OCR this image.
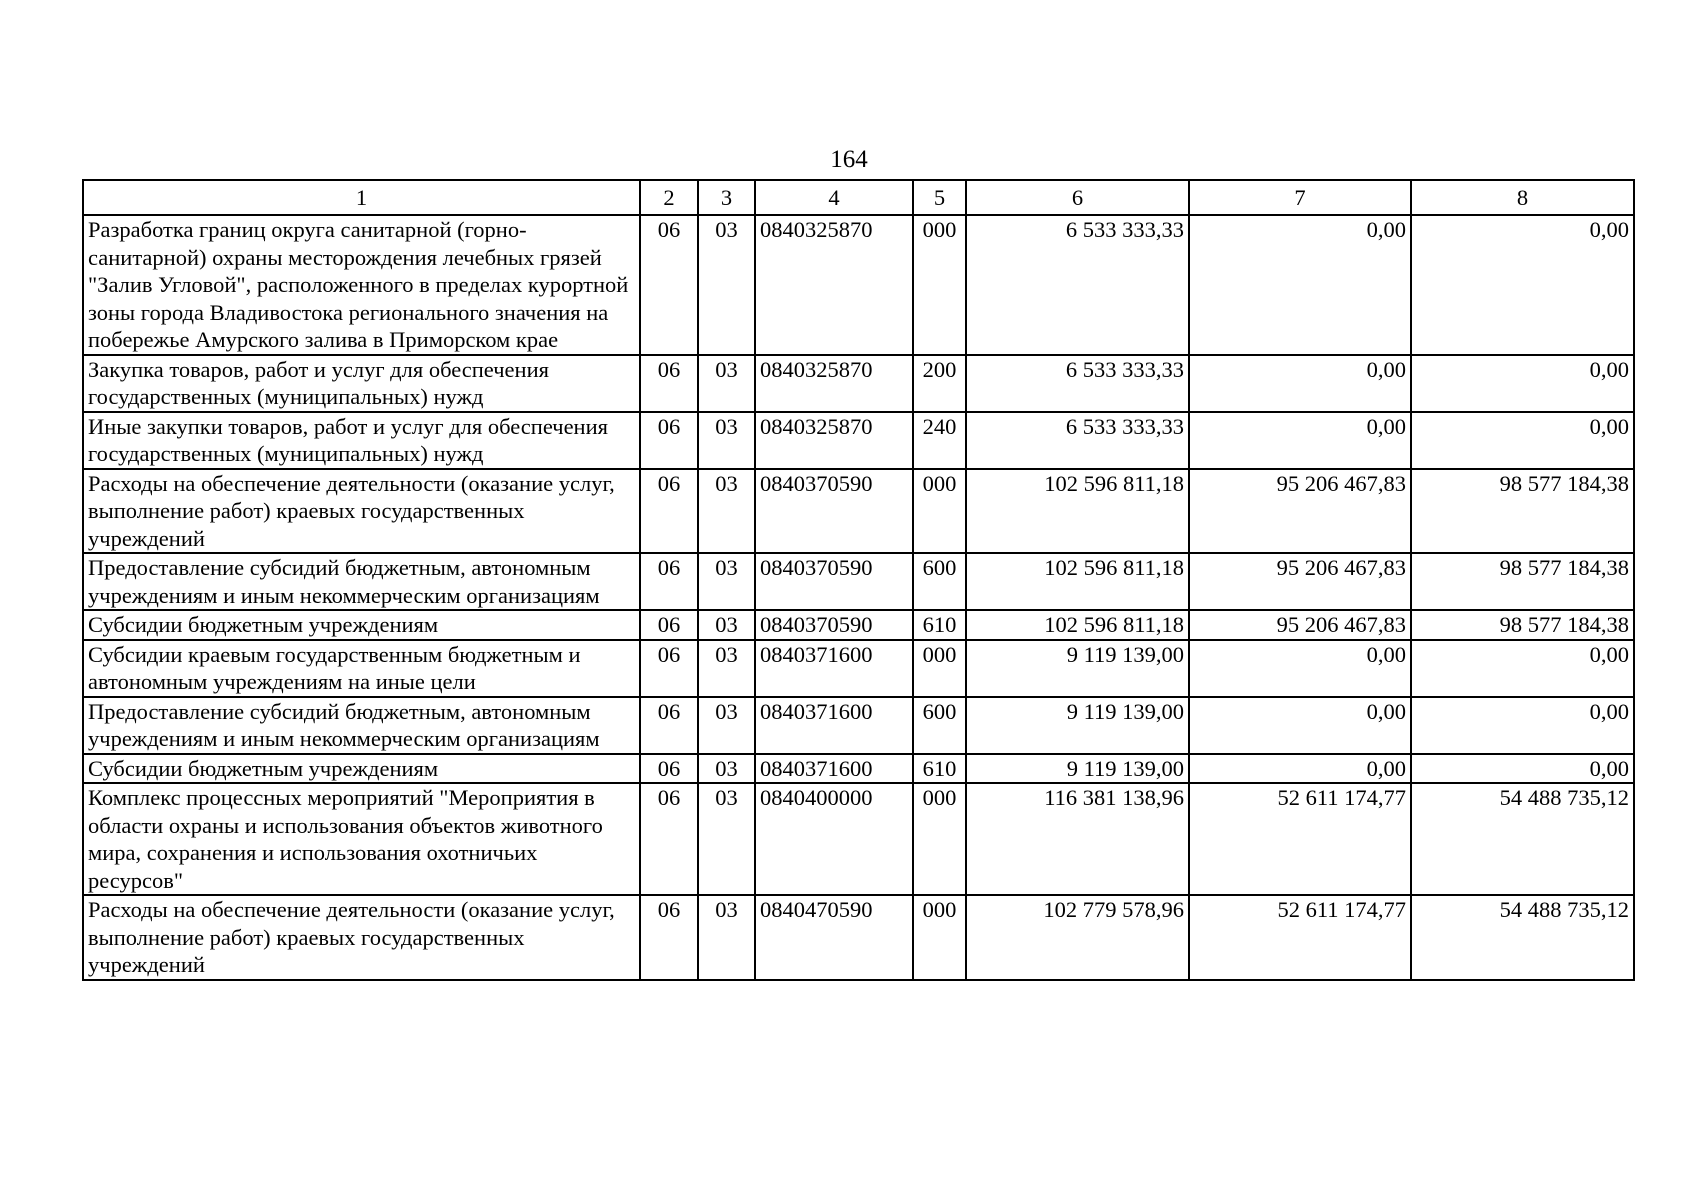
164
1	2	3	4	5	6	7	8
Разработка границ округа санитарной (горно-санитарной) охраны месторождения лечебных грязей "Залив Угловой", расположенного в пределах курортной зоны города Владивостока регионального значения на побережье Амурского залива в Приморском крае	06	03	0840325870	000	6 533 333,33	0,00	0,00
Закупка товаров, работ и услуг для обеспечения государственных (муниципальных) нужд	06	03	0840325870	200	6 533 333,33	0,00	0,00
Иные закупки товаров, работ и услуг для обеспечения государственных (муниципальных) нужд	06	03	0840325870	240	6 533 333,33	0,00	0,00
Расходы на обеспечение деятельности (оказание услуг, выполнение работ) краевых государственных учреждений	06	03	0840370590	000	102 596 811,18	95 206 467,83	98 577 184,38
Предоставление субсидий бюджетным, автономным учреждениям и иным некоммерческим организациям	06	03	0840370590	600	102 596 811,18	95 206 467,83	98 577 184,38
Субсидии бюджетным учреждениям	06	03	0840370590	610	102 596 811,18	95 206 467,83	98 577 184,38
Субсидии краевым государственным бюджетным и автономным учреждениям на иные цели	06	03	0840371600	000	9 119 139,00	0,00	0,00
Предоставление субсидий бюджетным, автономным учреждениям и иным некоммерческим организациям	06	03	0840371600	600	9 119 139,00	0,00	0,00
Субсидии бюджетным учреждениям	06	03	0840371600	610	9 119 139,00	0,00	0,00
Комплекс процессных мероприятий "Мероприятия в области охраны и использования объектов животного мира, сохранения и использования охотничьих ресурсов"	06	03	0840400000	000	116 381 138,96	52 611 174,77	54 488 735,12
Расходы на обеспечение деятельности (оказание услуг, выполнение работ) краевых государственных учреждений	06	03	0840470590	000	102 779 578,96	52 611 174,77	54 488 735,12
